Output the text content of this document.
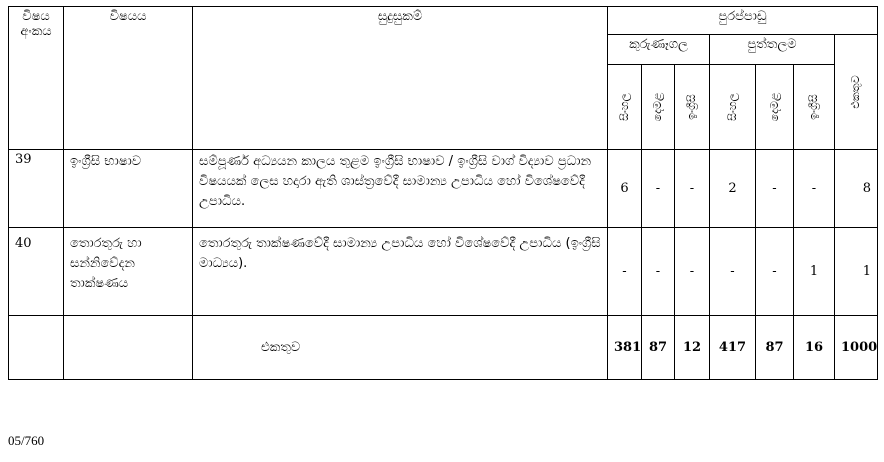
විෂය අංකය	විෂයය	සුදුසුකම්	පුරප්පාඩු						
			කුරුණෑගල			පුත්තලම			එකතුව

			සිංහල	දෙමළ	ඉංග්‍රීසි	සිංහල	දෙමළ	ඉංග්‍රීසි	

39	ඉංග්‍රීසි භාෂාව	සම්පූර්ණ අධ්‍යයන කාලය තුළම ඉංග්‍රීසි භාෂාව / ඉංග්‍රීසි වාග් විද්‍යාව ප්‍රධාන විෂයයක් ලෙස හදාරා ඇති ශාස්ත්‍රවේදී සාමාන්‍ය උපාධිය හෝ විශේෂවේදී උපාධිය.	6	-	-	2	-	-	8
40	තොරතුරු හා සන්නිවේදන තාක්ෂණය	තොරතුරු තාක්ෂණවේදී සාමාන්‍ය උපාධිය හෝ විශේෂවේදී උපාධිය (ඉංග්‍රීසි මාධ්‍යය).	-	-	-	-	-	1	1
		එකතුව	381	87	12	417	87	16	1000
05/760
